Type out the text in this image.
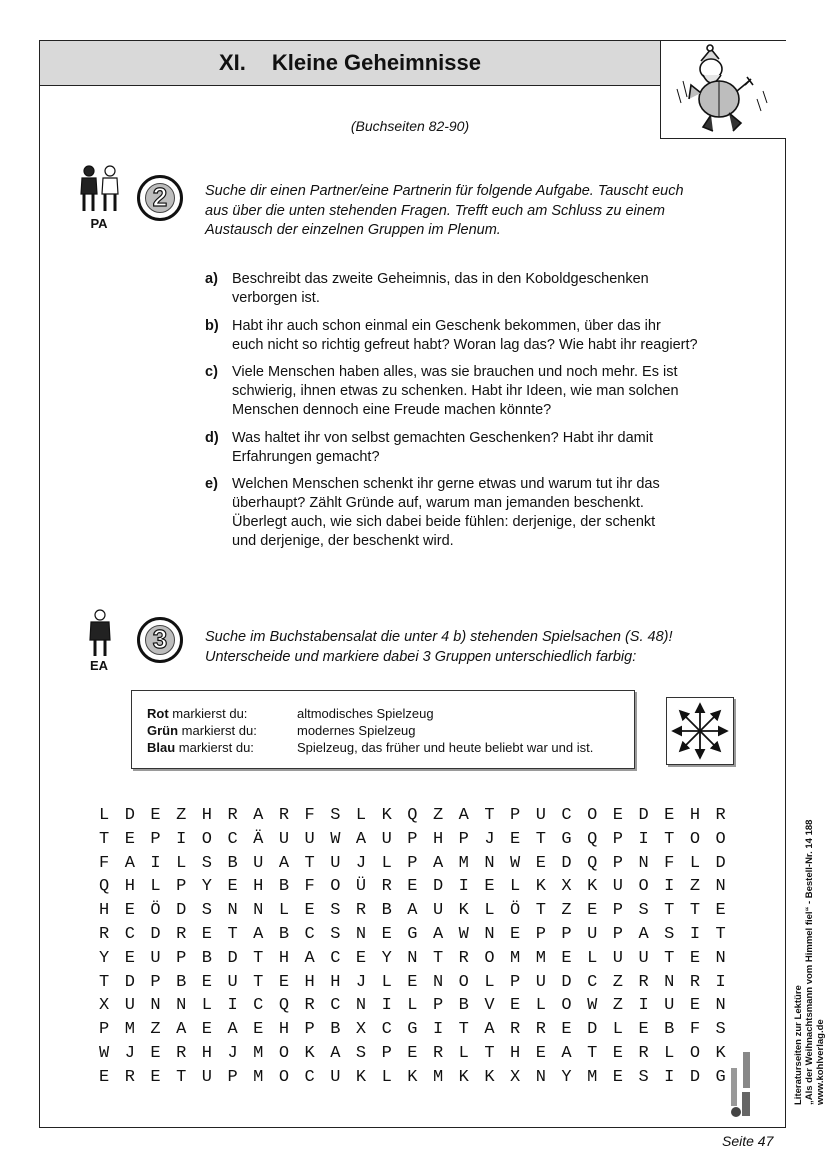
XI. Kleine Geheimnisse
(Buchseiten 82-90)
PA
2	Suche dir einen Partner/eine Partnerin für folgende Aufgabe. Tauscht euch
aus über die unten stehenden Fragen. Trefft euch am Schluss zu einem
Austausch der einzelnen Gruppen im Plenum.
a) Beschreibt das zweite Geheimnis, das in den Koboldgeschenken
verborgen ist.
b) Habt ihr auch schon einmal ein Geschenk bekommen, über das ihr
euch nicht so richtig gefreut habt? Woran lag das? Wie habt ihr reagiert?
c) Viele Menschen haben alles, was sie brauchen und noch mehr. Es ist
schwierig, ihnen etwas zu schenken. Habt ihr Ideen, wie man solchen
Menschen dennoch eine Freude machen könnte?
d) Was haltet ihr von selbst gemachten Geschenken? Habt ihr damit
Erfahrungen gemacht?
e) Welchen Menschen schenkt ihr gerne etwas und warum tut ihr das
überhaupt? Zählt Gründe auf, warum man jemanden beschenkt.
Überlegt auch, wie sich dabei beide fühlen: derjenige, der schenkt
und derjenige, der beschenkt wird.
EA
3	Suche im Buchstabensalat die unter 4 b) stehenden Spielsachen (S. 48)!
Unterscheide und markiere dabei 3 Gruppen unterschiedlich farbig:
Rot markierst du:	altmodisches Spielzeug
Grün markierst du:	modernes Spielzeug
Blau markierst du:	Spielzeug, das früher und heute beliebt war und ist.
L D E Z H R A R F S L K Q Z A T P U C O E D E H R
T E P I O C Ä U U W A U P H P J E T G Q P I T O O
F A I L S B U A T U J L P A M N W E D Q P N F L D
Q H L P Y E H B F O Ü R E D I E L K X K U O I Z N
H E Ö D S N N L E S R B A U K L Ö T Z E P S T T E
R C D R E T A B C S N E G A W N E P P U P A S I T
Y E U P B D T H A C E Y N T R O M M E L U U T E N
T D P B E U T E H H J L E N O L P U D C Z R N R I
X U N N L I C Q R C N I L P B V E L O W Z I U E N
P M Z A E A E H P B X C G I T A R R E D L E B F S
W J E R H J M O K A S P E R L T H E A T E R L O K
E R E T U P M O C U K L K M K K X N Y M E S I D G	Literaturseiten zur Lektüre „Als der Weihnachtsmann vom Himmel fiel“ - Bestell-Nr. 14 188 www.kohlverlag.de
Seite 47
